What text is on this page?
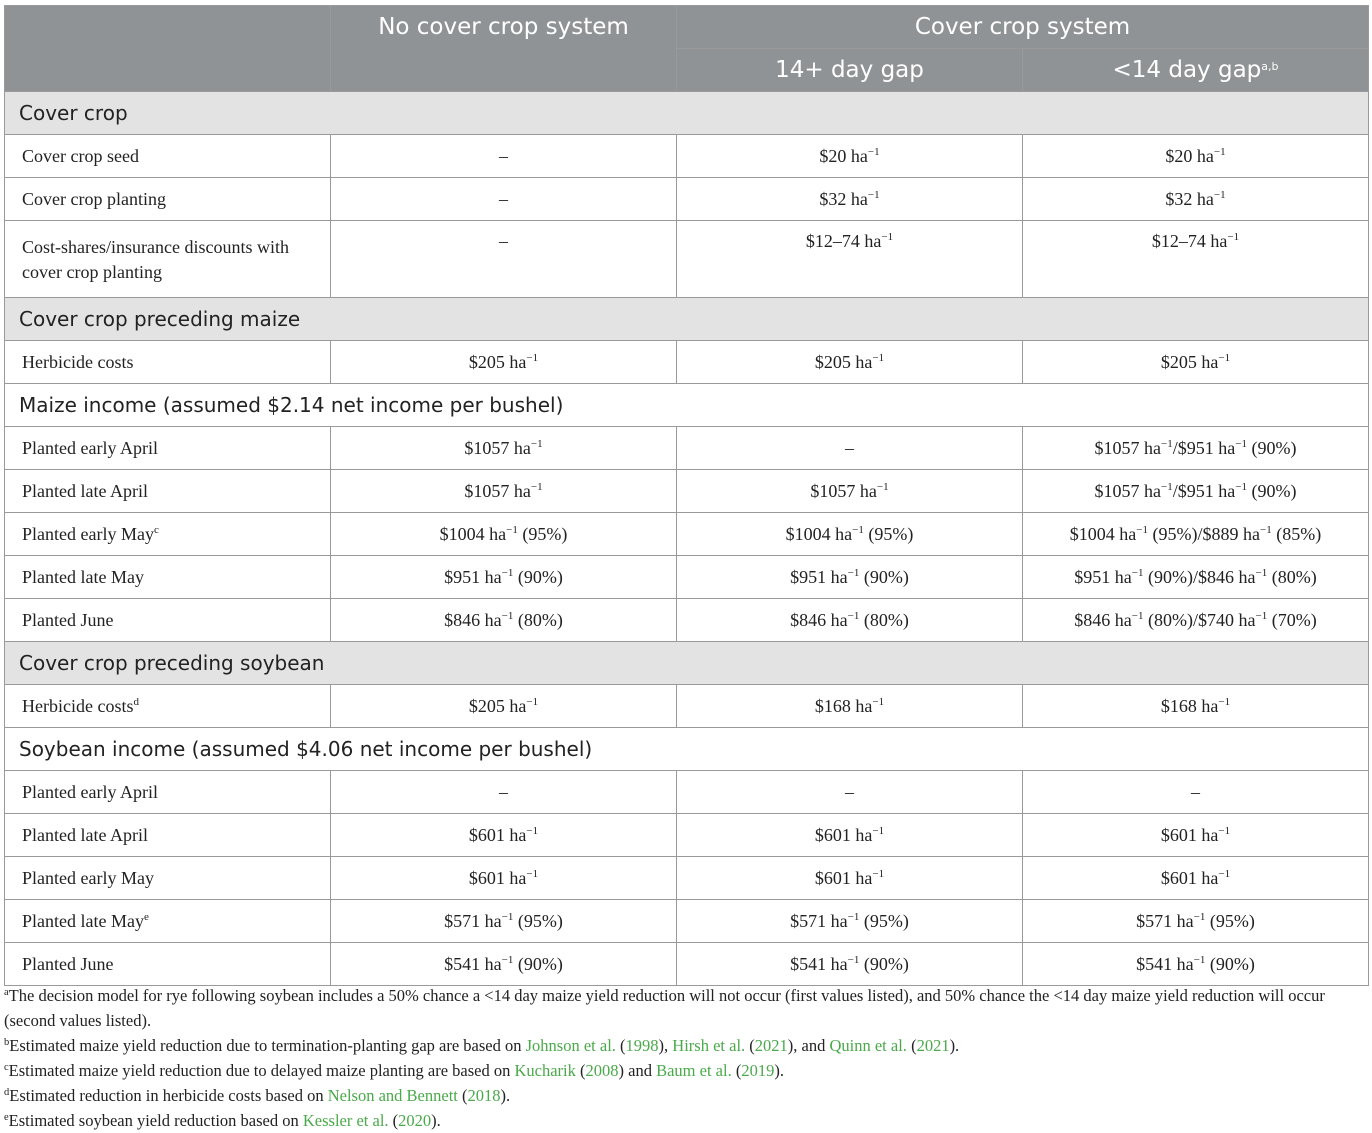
	No cover crop system	Cover crop system	
		14+ day gap	<14 day gap$^{a,b}$
Cover crop			
Cover crop seed	–	$20 $ha^{-1}$	$20 $ha^{-1}$
Cover crop planting	–	$32 $ha^{-1}$	$32 $ha^{-1}$
Cost-shares/insurance discounts with cover crop planting	–	$12–74 $ha^{-1}$	$12–74 $ha^{-1}$
Cover crop preceding maize			
Herbicide costs	$205 $ha^{-1}$	$205 $ha^{-1}$	$205 $ha^{-1}$
Maize income (assumed $2.14 net income per bushel)			
Planted early April	$1057 $ha^{-1}$	–	$1057 $ha^{-1}/\$951$ $ha^{-1}$ (90%)
Planted late April	$1057 $ha^{-1}$	$1057 $ha^{-1}$	$1057 $ha^{-1}/\$951$ $ha^{-1}$ (90%)
Planted early May$^c$	$1004 $ha^{-1}$ (95%)	$1004 $ha^{-1}$ (95%)	$1004 $ha^{-1}$ (95%)/$889 $ha^{-1}$ (85%)
Planted late May	$951 $ha^{-1}$ (90%)	$951 $ha^{-1}$ (90%)	$951 $ha^{-1}$ (90%)/$846 $ha^{-1}$ (80%)
Planted June	$846 $ha^{-1}$ (80%)	$846 $ha^{-1}$ (80%)	$846 $ha^{-1}$ (80%)/$740 $ha^{-1}$ (70%)
Cover crop preceding soybean			
Herbicide costs$^d$	$205 $ha^{-1}$	$168 $ha^{-1}$	$168 $ha^{-1}$
Soybean income (assumed $4.06 net income per bushel)			
Planted early April	–	–	–
Planted late April	$601 $ha^{-1}$	$601 $ha^{-1}$	$601 $ha^{-1}$
Planted early May	$601 $ha^{-1}$	$601 $ha^{-1}$	$601 $ha^{-1}$
Planted late May$^e$	$571 $ha^{-1}$ (95%)	$571 $ha^{-1}$ (95%)	$571 $ha^{-1}$ (95%)
Planted June	$541 $ha^{-1}$ (90%)	$541 $ha^{-1}$ (90%)	$541 $ha^{-1}$ (90%)
$^a$The decision model for rye following soybean includes a 50% chance a <14 day maize yield reduction will not occur (first values listed), and 50% chance the <14 day maize yield reduction will occur (second values listed).
$^b$Estimated maize yield reduction due to termination-planting gap are based on Johnson et al. (1998), Hirsh et al. (2021), and Quinn et al. (2021).
$^c$Estimated maize yield reduction due to delayed maize planting are based on Kucharik (2008) and Baum et al. (2019).
$^d$Estimated reduction in herbicide costs based on Nelson and Bennett (2018).
$^e$Estimated soybean yield reduction based on Kessler et al. (2020).
